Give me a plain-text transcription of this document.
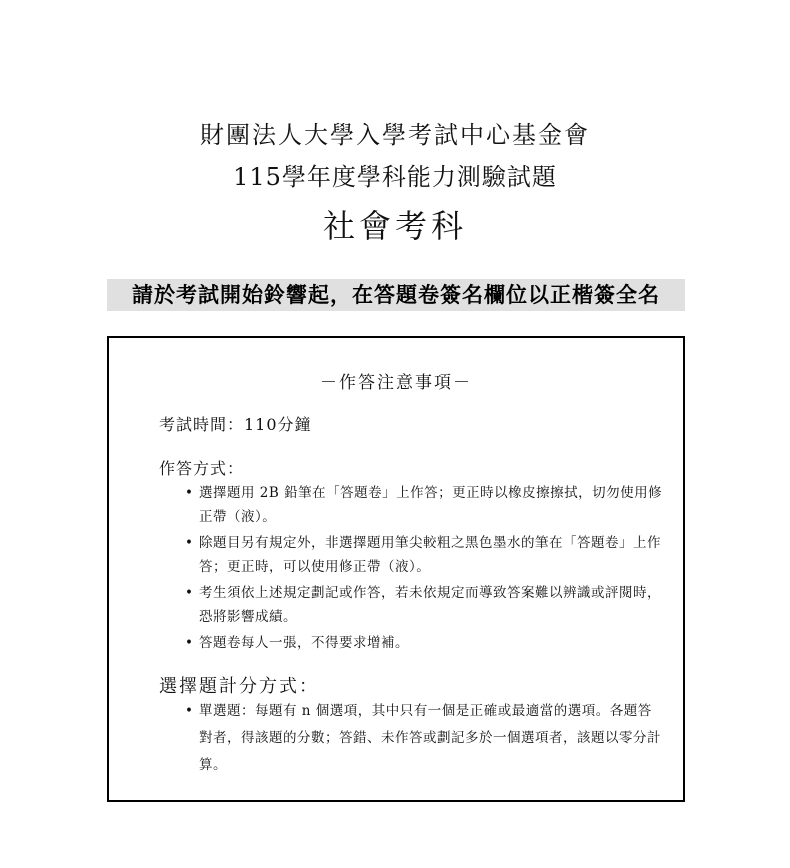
財團法人大學入學考試中心基金會
115學年度學科能力測驗試題
社會考科
請於考試開始鈴響起，在答題卷簽名欄位以正楷簽全名
－作答注意事項－
考試時間：110分鐘
作答方式：
• 選擇題用 2B 鉛筆在「答題卷」上作答；更正時以橡皮擦擦拭，切勿使用修正帶（液）。
• 除題目另有規定外，非選擇題用筆尖較粗之黑色墨水的筆在「答題卷」上作答；更正時，可以使用修正帶（液）。
• 考生須依上述規定劃記或作答，若未依規定而導致答案難以辨識或評閱時，恐將影響成績。
• 答題卷每人一張，不得要求增補。
選擇題計分方式：
• 單選題：每題有 n 個選項，其中只有一個是正確或最適當的選項。各題答對者，得該題的分數；答錯、未作答或劃記多於一個選項者，該題以零分計算。
